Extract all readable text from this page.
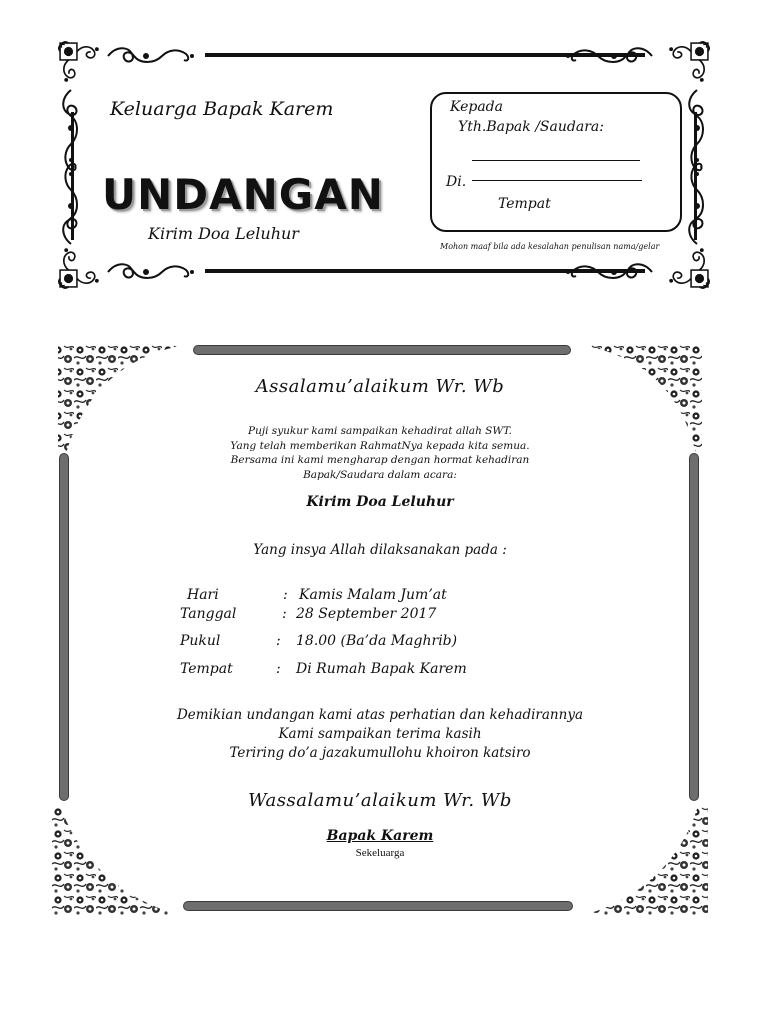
Keluarga Bapak Karem
UNDANGAN
Kirim Doa Leluhur
Kepada
Yth.Bapak /Saudara:
Di.
Tempat
Mohon maaf bila ada kesalahan penulisan nama/gelar
Assalamu’alaikum Wr. Wb
Puji syukur kami sampaikan kehadirat allah SWT.
Yang telah memberikan RahmatNya kepada kita semua.
Bersama ini kami mengharap dengan hormat kehadiran
Bapak/Saudara dalam acara:
Kirim Doa Leluhur
Yang insya Allah dilaksanakan pada :
Hari	: Kamis Malam Jum’at
Tanggal	: 28 September 2017
Pukul	: 18.00 (Ba’da Maghrib)
Tempat	: Di Rumah Bapak Karem
Demikian undangan kami atas perhatian dan kehadirannya
Kami sampaikan terima kasih
Teriring do’a jazakumullohu khoiron katsiro
Wassalamu’alaikum Wr. Wb
Bapak Karem
Sekeluarga
